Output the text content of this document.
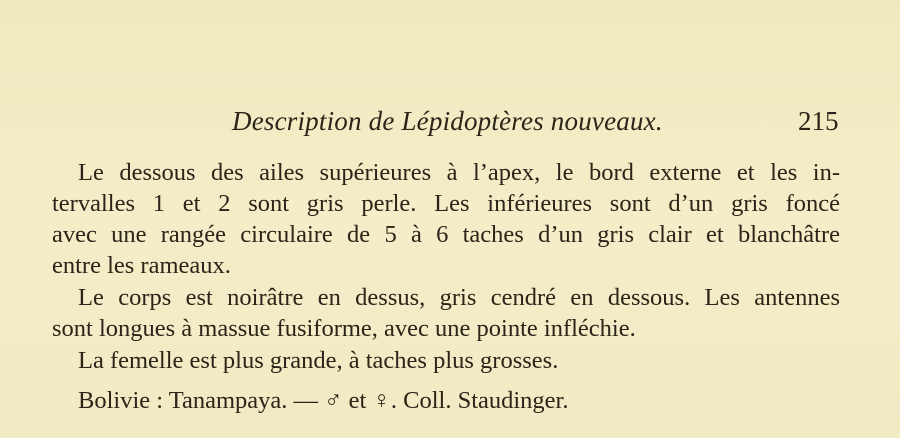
Description de Lépidoptères nouveaux.	215
Le dessous des ailes supérieures à l’apex, le bord externe et les in-
tervalles 1 et 2 sont gris perle. Les inférieures sont d’un gris foncé
avec une rangée circulaire de 5 à 6 taches d’un gris clair et blanchâtre
entre les rameaux.
Le corps est noirâtre en dessus, gris cendré en dessous. Les antennes
sont longues à massue fusiforme, avec une pointe infléchie.
La femelle est plus grande, à taches plus grosses.
Bolivie : Tanampaya. — ♂ et ♀. Coll. Staudinger.
